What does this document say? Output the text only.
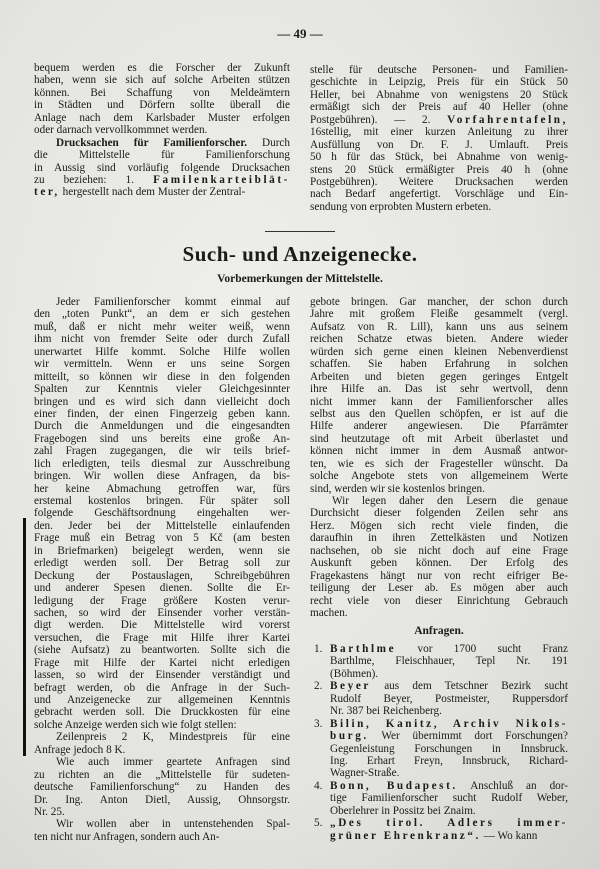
— 49 —
bequem werden es die Forscher der Zukunft
haben, wenn sie sich auf solche Arbeiten stützen
können. Bei Schaffung von Meldeämtern
in Städten und Dörfern sollte überall die
Anlage nach dem Karlsbader Muster erfolgen
oder darnach vervollkommnet werden.
Drucksachen für Familienforscher. Durch
die Mittelstelle für Familienforschung
in Aussig sind vorläufig folgende Drucksachen
zu beziehen: 1. Familenkarteiblät-
ter, hergestellt nach dem Muster der Zentral-
stelle für deutsche Personen- und Familien-
geschichte in Leipzig, Preis für ein Stück 50
Heller, bei Abnahme von wenigstens 20 Stück
ermäßigt sich der Preis auf 40 Heller (ohne
Postgebühren). — 2. Vorfahrentafeln,
16stellig, mit einer kurzen Anleitung zu ihrer
Ausfüllung von Dr. F. J. Umlauft. Preis
50 h für das Stück, bei Abnahme von wenig-
stens 20 Stück ermäßigter Preis 40 h (ohne
Postgebühren). Weitere Drucksachen werden
nach Bedarf angefertigt. Vorschläge und Ein-
sendung von erprobten Mustern erbeten.
Such- und Anzeigenecke.
Vorbemerkungen der Mittelstelle.
Jeder Familienforscher kommt einmal auf
den „toten Punkt“, an dem er sich gestehen
muß, daß er nicht mehr weiter weiß, wenn
ihm nicht von fremder Seite oder durch Zufall
unerwartet Hilfe kommt. Solche Hilfe wollen
wir vermitteln. Wenn er uns seine Sorgen
mitteilt, so können wir diese in den folgenden
Spalten zur Kenntnis vieler Gleichgesinnter
bringen und es wird sich dann vielleicht doch
einer finden, der einen Fingerzeig geben kann.
Durch die Anmeldungen und die eingesandten
Fragebogen sind uns bereits eine große An-
zahl Fragen zugegangen, die wir teils brief-
lich erledigten, teils diesmal zur Ausschreibung
bringen. Wir wollen diese Anfragen, da bis-
her keine Abmachung getroffen war, fürs
erstemal kostenlos bringen. Für später soll
folgende Geschäftsordnung eingehalten wer-
den. Jeder bei der Mittelstelle einlaufenden
Frage muß ein Betrag von 5 Kč (am besten
in Briefmarken) beigelegt werden, wenn sie
erledigt werden soll. Der Betrag soll zur
Deckung der Postauslagen, Schreibgebühren
und anderer Spesen dienen. Sollte die Er-
ledigung der Frage größere Kosten verur-
sachen, so wird der Einsender vorher verstän-
digt werden. Die Mittelstelle wird vorerst
versuchen, die Frage mit Hilfe ihrer Kartei
(siehe Aufsatz) zu beantworten. Sollte sich die
Frage mit Hilfe der Kartei nicht erledigen
lassen, so wird der Einsender verständigt und
befragt werden, ob die Anfrage in der Such-
und Anzeigenecke zur allgemeinen Kenntnis
gebracht werden soll. Die Druckkosten für eine
solche Anzeige werden sich wie folgt stellen:
Zeilenpreis 2 K, Mindestpreis für eine
Anfrage jedoch 8 K.
Wie auch immer geartete Anfragen sind
zu richten an die „Mittelstelle für sudeten-
deutsche Familienforschung“ zu Handen des
Dr. Ing. Anton Dietl, Aussig, Ohnsorgstr.
Nr. 25.
Wir wollen aber in untenstehenden Spal-
ten nicht nur Anfragen, sondern auch An-
gebote bringen. Gar mancher, der schon durch
Jahre mit großem Fleiße gesammelt (vergl.
Aufsatz von R. Lill), kann uns aus seinem
reichen Schatze etwas bieten. Andere wieder
würden sich gerne einen kleinen Nebenverdienst
schaffen. Sie haben Erfahrung in solchen
Arbeiten und bieten gegen geringes Entgelt
ihre Hilfe an. Das ist sehr wertvoll, denn
nicht immer kann der Familienforscher alles
selbst aus den Quellen schöpfen, er ist auf die
Hilfe anderer angewiesen. Die Pfarrämter
sind heutzutage oft mit Arbeit überlastet und
können nicht immer in dem Ausmaß antwor-
ten, wie es sich der Fragesteller wünscht. Da
solche Angebote stets von allgemeinem Werte
sind, werden wir sie kostenlos bringen.
Wir legen daher den Lesern die genaue
Durchsicht dieser folgenden Zeilen sehr ans
Herz. Mögen sich recht viele finden, die
daraufhin in ihren Zettelkästen und Notizen
nachsehen, ob sie nicht doch auf eine Frage
Auskunft geben können. Der Erfolg des
Fragekastens hängt nur von recht eifriger Be-
teiligung der Leser ab. Es mögen aber auch
recht viele von dieser Einrichtung Gebrauch
machen.
Anfragen.
1. Barthlme vor 1700 sucht Franz
Barthlme, Fleischhauer, Tepl Nr. 191
(Böhmen).
2. Beyer aus dem Tetschner Bezirk sucht
Rudolf Beyer, Postmeister, Ruppersdorf
Nr. 387 bei Reichenberg.
3. Bilin, Kanitz, Archiv Nikols-
burg. Wer übernimmt dort Forschungen?
Gegenleistung Forschungen in Innsbruck.
Ing. Erhart Freyn, Innsbruck, Richard-
Wagner-Straße.
4. Bonn, Budapest. Anschluß an dor-
tige Familienforscher sucht Rudolf Weber,
Oberlehrer in Possitz bei Znaim.
5. „Des tirol. Adlers immer-
grüner Ehrenkranz“. — Wo kann
